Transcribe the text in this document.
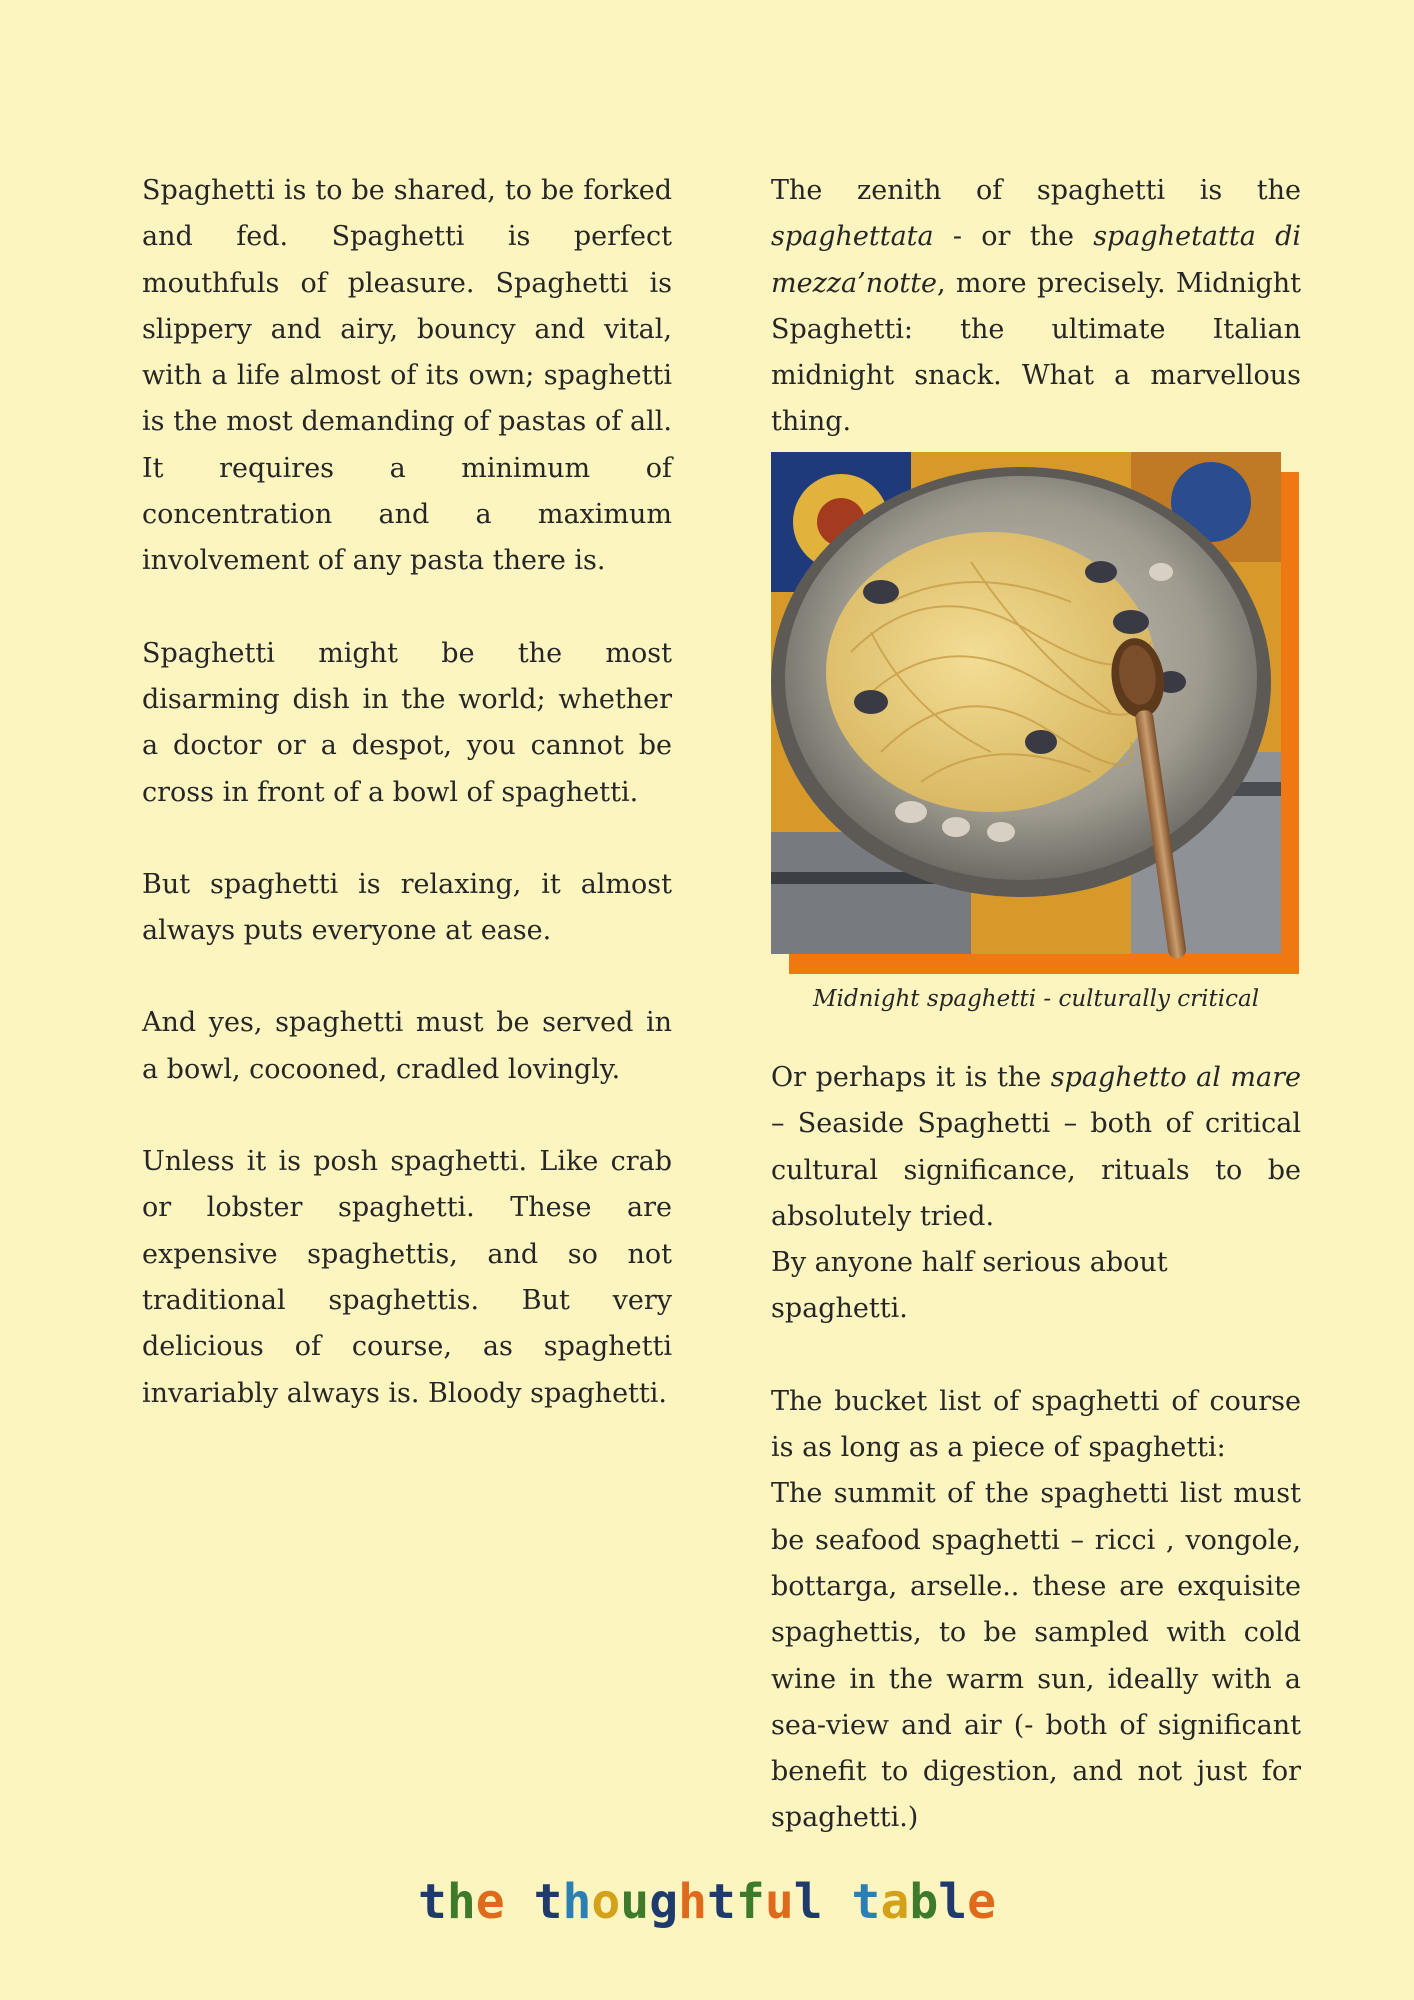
Spaghetti is to be shared, to be forked and fed. Spaghetti is perfect mouthfuls of pleasure. Spaghetti is slippery and airy, bouncy and vital, with a life almost of its own; spaghetti is the most demanding of pastas of all. It requires a minimum of concentration and a maximum involvement of any pasta there is.

Spaghetti might be the most disarming dish in the world; whether a doctor or a despot, you cannot be cross in front of a bowl of spaghetti.

But spaghetti is relaxing, it almost always puts everyone at ease.

And yes, spaghetti must be served in a bowl, cocooned, cradled lovingly.

Unless it is posh spaghetti. Like crab or lobster spaghetti. These are expensive spaghettis, and so not traditional spaghettis. But very delicious of course, as spaghetti invariably always is. Bloody spaghetti.

The zenith of spaghetti is the spaghettata - or the spaghetatta di mezza’notte, more precisely. Midnight Spaghetti: the ultimate Italian midnight snack. What a marvellous thing.

Midnight spaghetti - culturally critical

Or perhaps it is the spaghetto al mare – Seaside Spaghetti – both of critical cultural significance, rituals to be absolutely tried.

By anyone half serious about spaghetti.

The bucket list of spaghetti of course is as long as a piece of spaghetti:

The summit of the spaghetti list must be seafood spaghetti – ricci , vongole, bottarga, arselle.. these are exquisite spaghettis, to be sampled with cold wine in the warm sun, ideally with a sea-view and air (- both of significant benefit to digestion, and not just for spaghetti.)

the thoughtful table
